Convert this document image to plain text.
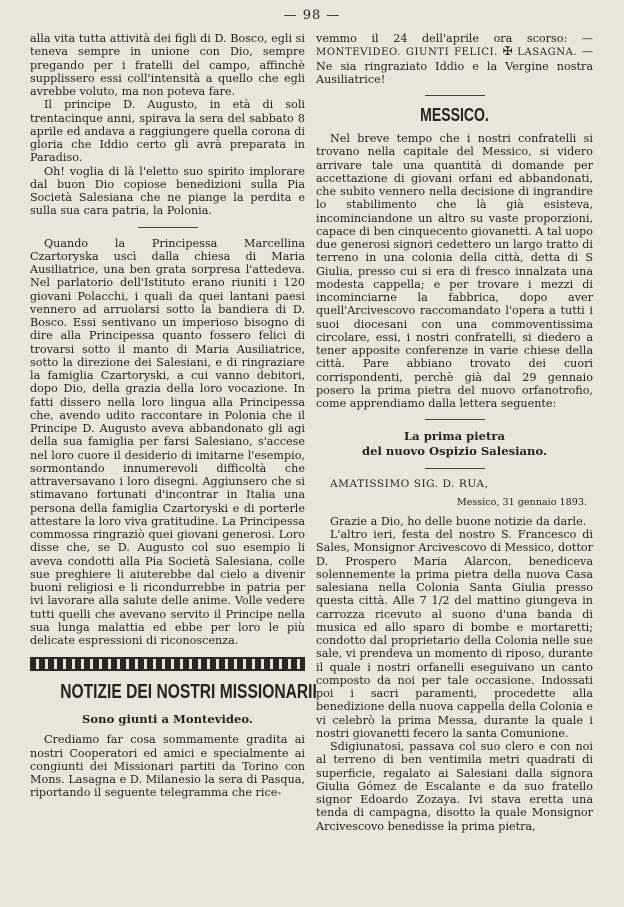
— 98 —

alla vita tutta attività dei figli di D. Bosco, egli si teneva sempre in unione con Dio, sempre pregando per i fratelli del campo, affinchè supplissero essi coll'intensità a quello che egli avrebbe voluto, ma non poteva fare.

Il principe D. Augusto, in età di soli trentacinque anni, spirava la sera del sabbato 8 aprile ed andava a raggiungere quella corona di gloria che Iddio certo gli avrà preparata in Paradiso.

Oh! voglia di là l'eletto suo spirito implorare dal buon Dio copiose benedizioni sulla Pia Società Salesiana che ne piange la perdita e sulla sua cara patria, la Polonia.

Quando la Principessa Marcellina Czartoryska uscì dalla chiesa di Maria Ausiliatrice, una ben grata sorpresa l'attedeva. Nel parlatorio dell'Istituto erano riuniti i 120 giovani Polacchi, i quali da quei lantani paesi vennero ad arruolarsi sotto la bandiera di D. Bosco. Essi sentivano un imperioso bisogno di dire alla Principessa quanto fossero felici di trovarsi sotto il manto di Maria Ausiliatrice, sotto la direzione dei Salesiani, e di ringraziare la famiglia Czartoryski, a cui vanno debitori, dopo Dio, della grazia della loro vocazione. In fatti dissero nella loro lingua alla Principessa che, avendo udito raccontare in Polonia che il Principe D. Augusto aveva abbandonato gli agi della sua famiglia per farsi Salesiano, s'accese nel loro cuore il desiderio di imitarne l'esempio, sormontando innumerevoli difficoltà che attraversavano i loro disegni. Aggiunsero che si stimavano fortunati d'incontrar in Italia una persona della famiglia Czartoryski e di porterle attestare la loro viva gratitudine. La Principessa commossa ringraziò quei giovani generosi. Loro disse che, se D. Augusto col suo esempio li aveva condotti alla Pia Società Salesiana, colle sue preghiere li aiuterebbe dal cielo a divenir buoni religiosi e li ricondurrebbe in patria per ivi lavorare alla salute delle anime. Volle vedere tutti quelli che avevano servito il Principe nella sua lunga malattia ed ebbe per loro le più delicate espressioni di riconoscenza.

NOTIZIE DEI NOSTRI MISSIONARII
Sono giunti a Montevideo.

Crediamo far cosa sommamente gradita ai nostri Cooperatori ed amici e specialmente ai congiunti dei Missionari partiti da Torino con Mons. Lasagna e D. Milanesio la sera di Pasqua, riportando il seguente telegramma che rice-

vemmo il 24 dell'aprile ora scorso: — MONTEVIDEO. GIUNTI FELICI. ✠ LASAGNA. — Ne sia ringraziato Iddio e la Vergine nostra Ausiliatrice!

MESSICO.

Nel breve tempo che i nostri confratelli si trovano nella capitale del Messico, si videro arrivare tale una quantità di domande per accettazione di giovani orfani ed abbandonati, che subito vennero nella decisione di ingrandire lo stabilimento che là già esisteva, incominciandone un altro su vaste proporzioni, capace di ben cinquecento giovanetti. A tal uopo due generosi signori cedettero un largo tratto di terreno in una colonia della città, detta di S Giulia, presso cui si era di fresco innalzata una modesta cappella; e per trovare i mezzi di incominciarne la fabbrica, dopo aver quell'Arcivescovo raccomandato l'opera a tutti i suoi diocesani con una commoventissima circolare, essi, i nostri confratelli, si diedero a tener apposite conferenze in varie chiese della città. Pare abbiano trovato dei cuori corrispondenti, perchè già dal 29 gennaio posero la prima pietra del nuovo orfanotrofio, come apprendiamo dalla lettera seguente:

La prima pietra
del nuovo Ospizio Salesiano.

AMATISSIMO SIG. D. RUA,

Messico, 31 gennaio 1893.

Grazie a Dio, ho delle buone notizie da darle.

L'altro ieri, festa del nostro S. Francesco di Sales, Monsignor Arcivescovo di Messico, dottor D. Prospero Maria Alarcon, benediceva solennemente la prima pietra della nuova Casa salesiana nella Colonia Santa Giulia presso questa città. Alle 7 1/2 del mattino giungeva in carrozza ricevuto al suono d'una banda di musica ed allo sparo di bombe e mortaretti; condotto dal proprietario della Colonia nelle sue sale, vi prendeva un momento di riposo, durante il quale i nostri orfanelli eseguivano un canto composto da noi per tale occasione. Indossati poi i sacri paramenti, procedette alla benedizione della nuova cappella della Colonia e vi celebrò la prima Messa, durante la quale i nostri giovanetti fecero la santa Comunione.

Sdigiunatosi, passava col suo clero e con noi al terreno di ben ventimila metri quadrati di superficie, regalato ai Salesiani dalla signora Giulia Gómez de Escalante e da suo fratello signor Edoardo Zozaya. Ivi stava eretta una tenda di campagna, disotto la quale Monsignor Arcivescovo benedisse la prima pietra,
